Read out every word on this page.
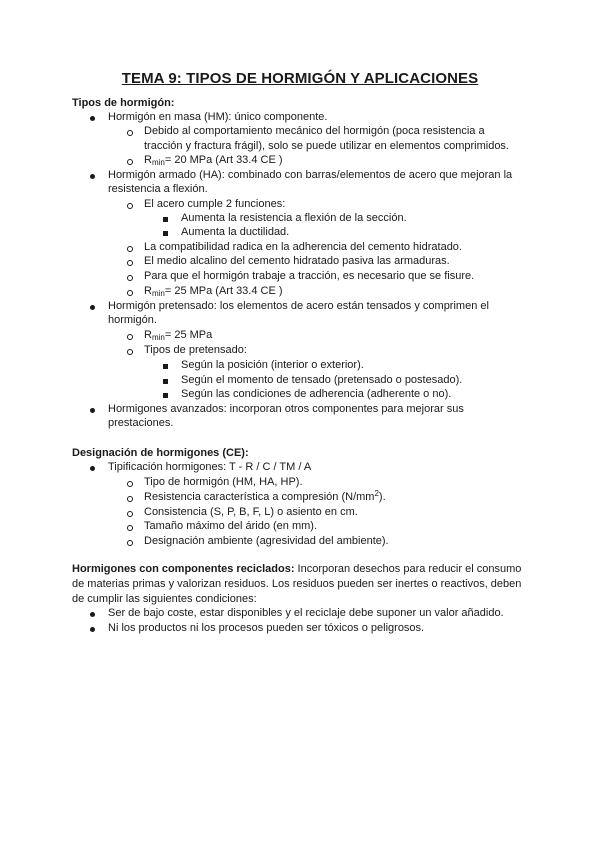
TEMA 9: TIPOS DE HORMIGÓN Y APLICACIONES

Tipos de hormigón:

Hormigón en masa (HM): único componente.

Debido al comportamiento mecánico del hormigón (poca resistencia a

tracción y fractura frágil), solo se puede utilizar en elementos comprimidos.

$R_{min}= 20$ MPa (Art 33.4 CE )

Hormigón armado (HA): combinado con barras/elementos de acero que mejoran la

resistencia a flexión.

El acero cumple 2 funciones:

Aumenta la resistencia a flexión de la sección.

Aumenta la ductilidad.

La compatibilidad radica en la adherencia del cemento hidratado.

El medio alcalino del cemento hidratado pasiva las armaduras.

Para que el hormigón trabaje a tracción, es necesario que se fisure.

$R_{min}= 25$ MPa (Art 33.4 CE )

Hormigón pretensado: los elementos de acero están tensados y comprimen el

hormigón.

$R_{min}= 25$ MPa

Tipos de pretensado:

Según la posición (interior o exterior).

Según el momento de tensado (pretensado o postesado).

Según las condiciones de adherencia (adherente o no).

Hormigones avanzados: incorporan otros componentes para mejorar sus

prestaciones.

Designación de hormigones (CE):

Tipificación hormigones: T - R / C / TM / A

Tipo de hormigón (HM, HA, HP).

Resistencia característica a compresión $(N/mm^2)$.

Consistencia (S, P, B, F, L) o asiento en cm.

Tamaño máximo del árido (en mm).

Designación ambiente (agresividad del ambiente).

Hormigones con componentes reciclados: Incorporan desechos para reducir el consumo

de materias primas y valorizan residuos. Los residuos pueden ser inertes o reactivos, deben

de cumplir las siguientes condiciones:

Ser de bajo coste, estar disponibles y el reciclaje debe suponer un valor añadido.

Ni los productos ni los procesos pueden ser tóxicos o peligrosos.
